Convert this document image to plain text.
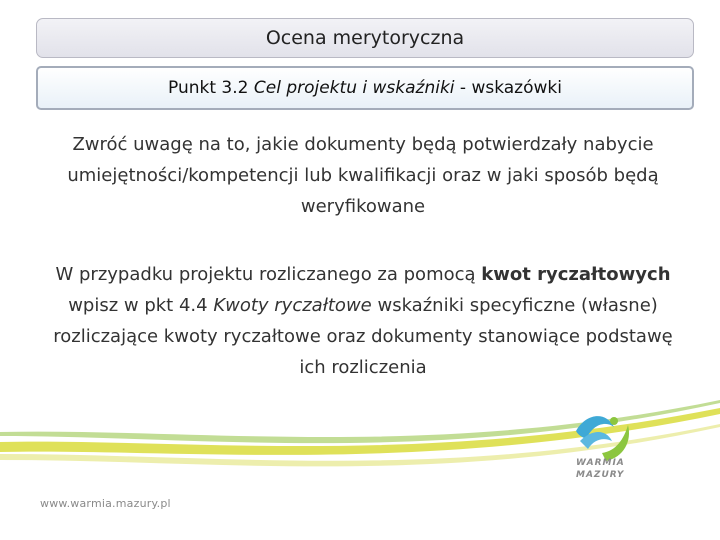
Ocena merytoryczna
Punkt 3.2 Cel projektu i wskaźniki - wskazówki
Zwróć uwagę na to, jakie dokumenty będą potwierdzały nabycie umiejętności/kompetencji lub kwalifikacji oraz w jaki sposób będą weryfikowane
W przypadku projektu rozliczanego za pomocą kwot ryczałtowych wpisz w pkt 4.4 Kwoty ryczałtowe wskaźniki specyficzne (własne) rozliczające kwoty ryczałtowe oraz dokumenty stanowiące podstawę ich rozliczenia
WARMIA
MAZURY
www.warmia.mazury.pl
